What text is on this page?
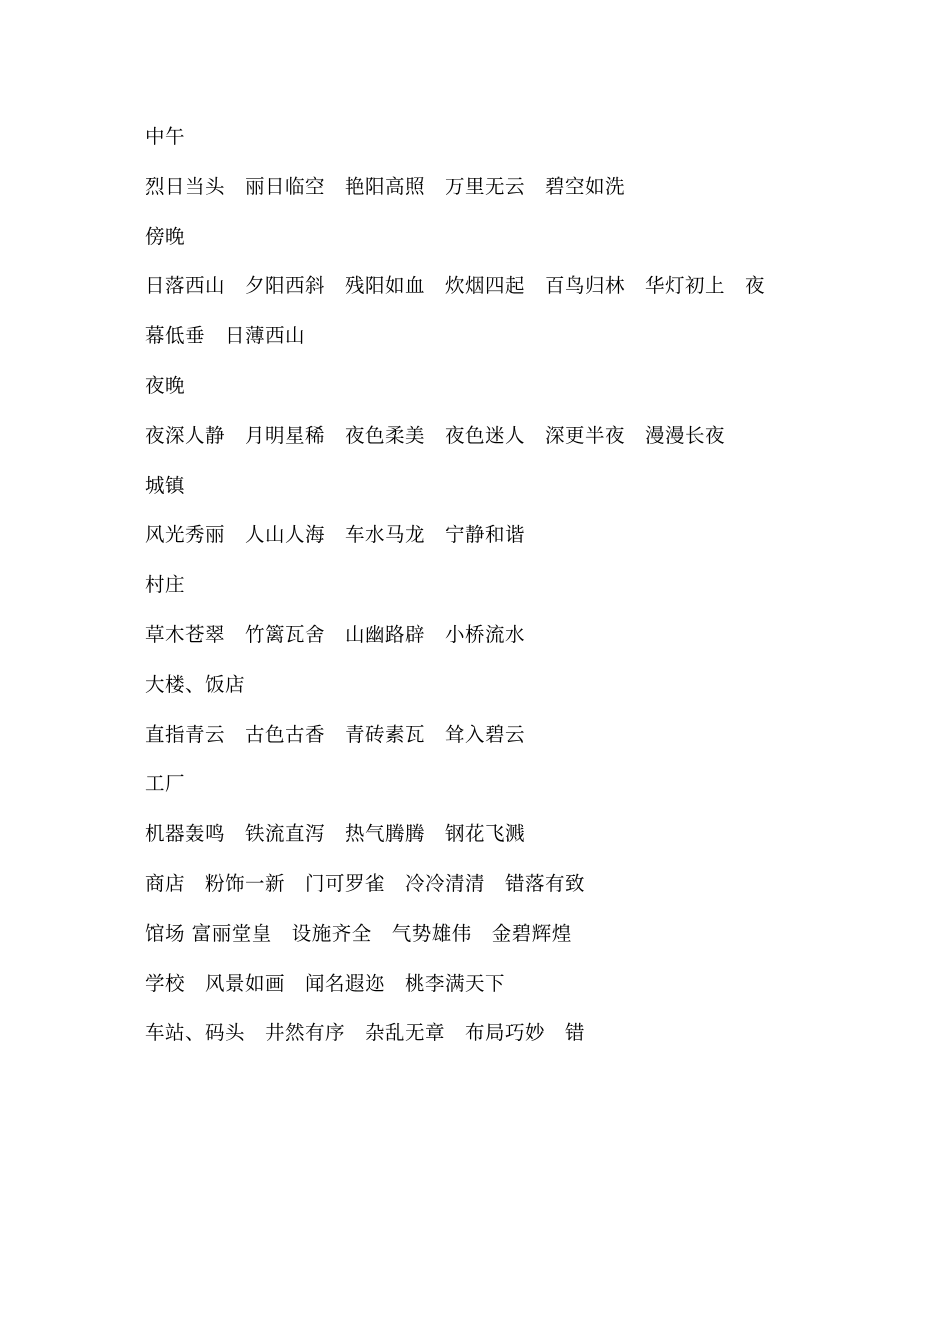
中午
烈日当头　丽日临空　艳阳高照　万里无云　碧空如洗
傍晚
日落西山　夕阳西斜　残阳如血　炊烟四起　百鸟归林　华灯初上　夜
幕低垂　日薄西山
夜晚
夜深人静　月明星稀　夜色柔美　夜色迷人　深更半夜　漫漫长夜
城镇
风光秀丽　人山人海　车水马龙　宁静和谐
村庄
草木苍翠　竹篱瓦舍　山幽路辟　小桥流水
大楼、饭店
直指青云　古色古香　青砖素瓦　耸入碧云
工厂
机器轰鸣　铁流直泻　热气腾腾　钢花飞溅
商店　粉饰一新　门可罗雀　冷冷清清　错落有致
馆场 富丽堂皇　设施齐全　气势雄伟　金碧辉煌
学校　风景如画　闻名遐迩　桃李满天下
车站、码头　井然有序　杂乱无章　布局巧妙　错
